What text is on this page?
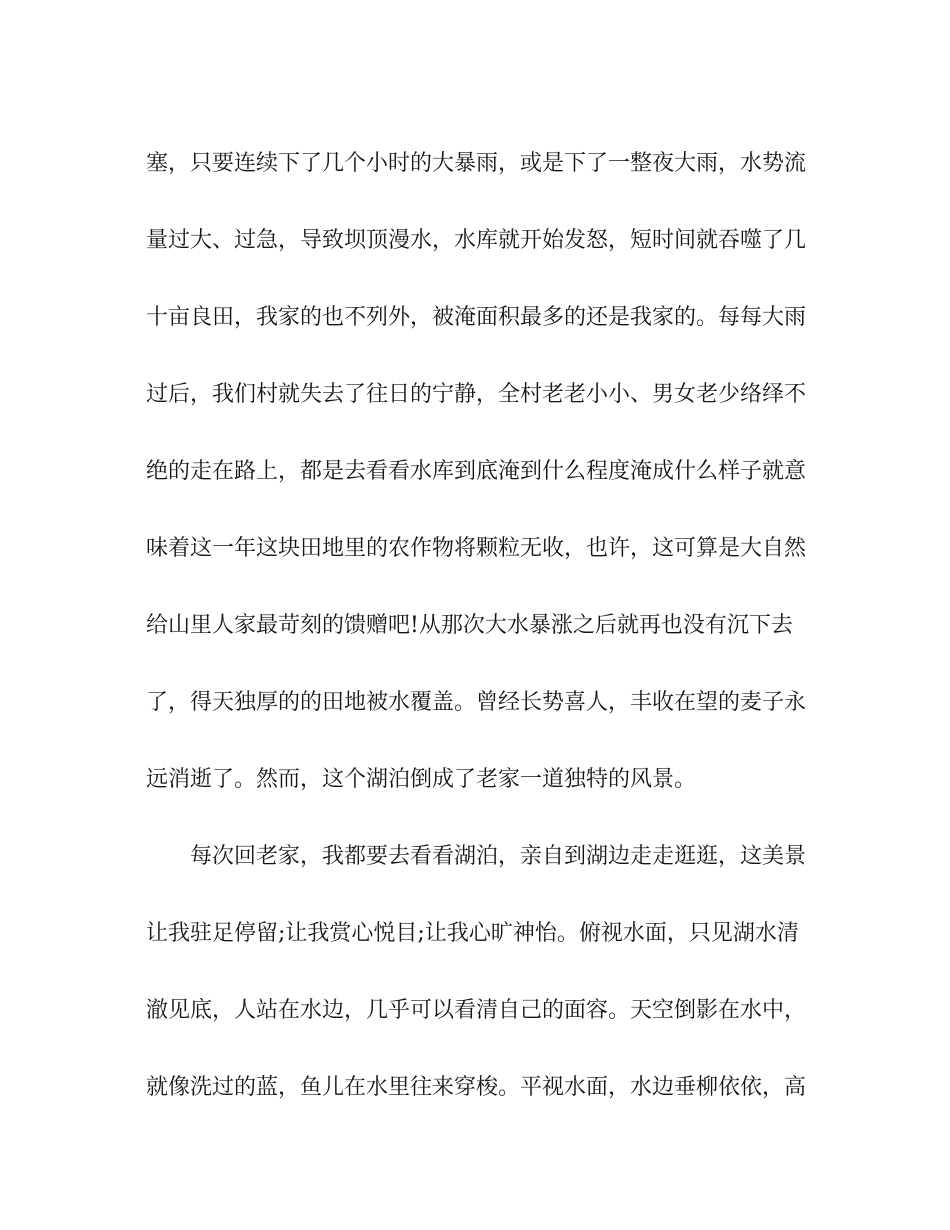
塞，只要连续下了几个小时的大暴雨，或是下了一整夜大雨，水势流
量过大、过急，导致坝顶漫水，水库就开始发怒，短时间就吞噬了几
十亩良田，我家的也不列外，被淹面积最多的还是我家的。每每大雨
过后，我们村就失去了往日的宁静，全村老老小小、男女老少络绎不
绝的走在路上，都是去看看水库到底淹到什么程度淹成什么样子就意
味着这一年这块田地里的农作物将颗粒无收，也许，这可算是大自然
给山里人家最苛刻的馈赠吧!从那次大水暴涨之后就再也没有沉下去
了，得天独厚的的田地被水覆盖。曾经长势喜人，丰收在望的麦子永
远消逝了。然而，这个湖泊倒成了老家一道独特的风景。
每次回老家，我都要去看看湖泊，亲自到湖边走走逛逛，这美景
让我驻足停留;让我赏心悦目;让我心旷神怡。俯视水面，只见湖水清
澈见底，人站在水边，几乎可以看清自己的面容。天空倒影在水中，
就像洗过的蓝，鱼儿在水里往来穿梭。平视水面，水边垂柳依依，高
